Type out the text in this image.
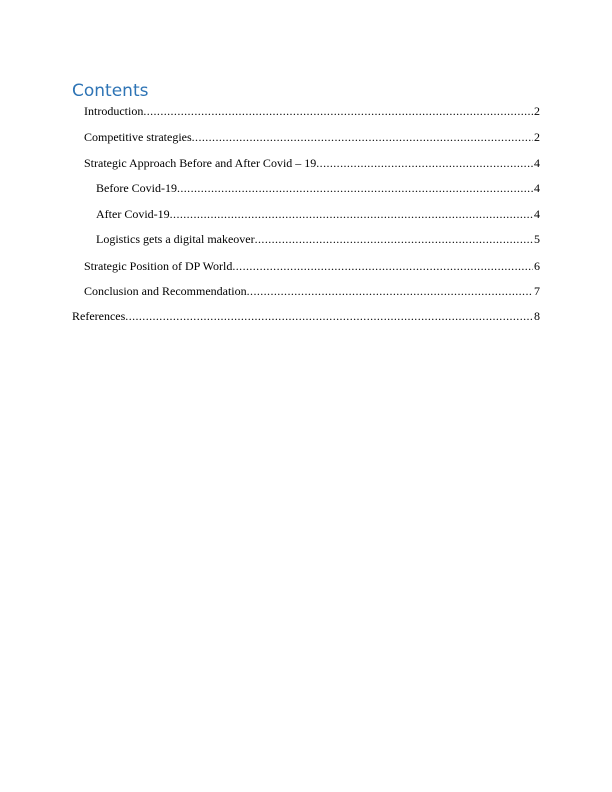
Contents
Introduction .....	2
Competitive strategies .....	2
Strategic Approach Before and After Covid – 19 .....	4
Before Covid-19 .....	4
After Covid-19 .....	4
Logistics gets a digital makeover .....	5
Strategic Position of DP World .....	6
Conclusion and Recommendation .....	7
References .....	8
